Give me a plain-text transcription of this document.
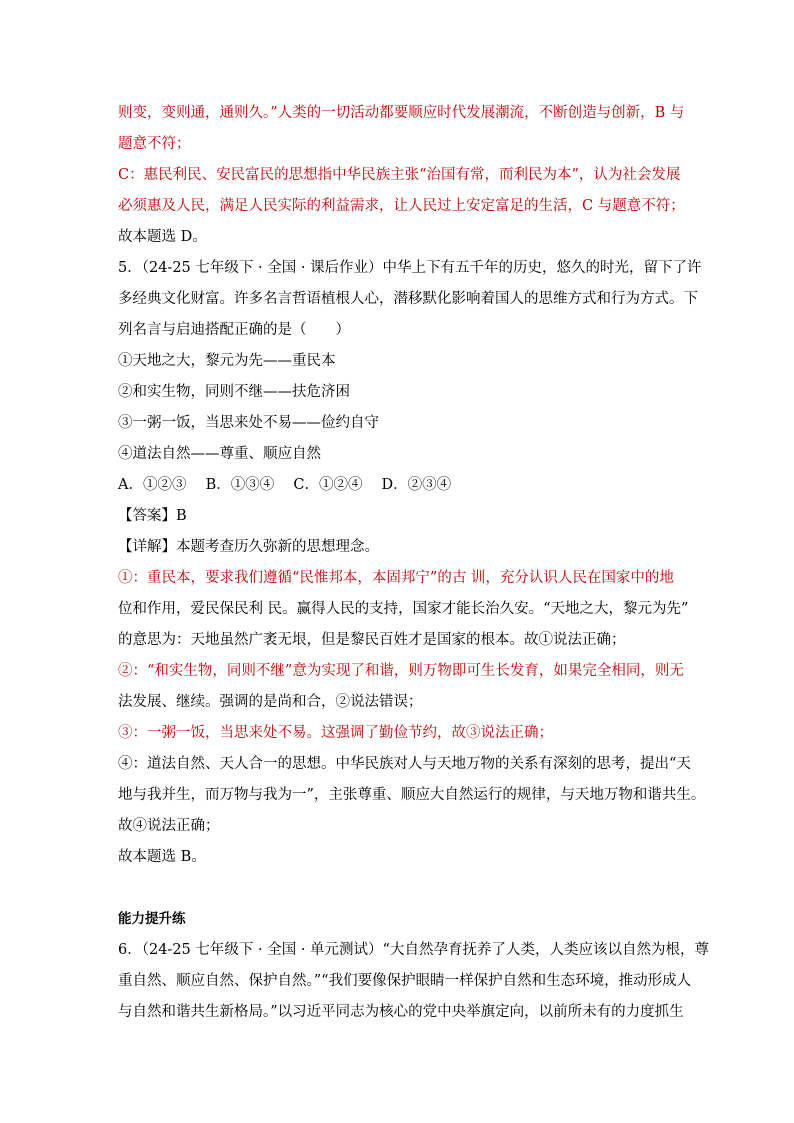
则变，变则通，通则久。”人类的一切活动都要顺应时代发展潮流，不断创造与创新，B 与
题意不符；
C：惠民利民、安民富民的思想指中华民族主张“治国有常，而利民为本”，认为社会发展
必须惠及人民，满足人民实际的利益需求，让人民过上安定富足的生活，C 与题意不符；
故本题选 D。
5．（24-25 七年级下 · 全国 · 课后作业）中华上下有五千年的历史，悠久的时光，留下了许
多经典文化财富。许多名言哲语植根人心，潜移默化影响着国人的思维方式和行为方式。下
列名言与启迪搭配正确的是（　　）
①天地之大，黎元为先——重民本
②和实生物，同则不继——扶危济困
③一粥一饭，当思来处不易——俭约自守
④道法自然——尊重、顺应自然
A．①②③　 B．①③④　 C．①②④　 D．②③④
【答案】B
【详解】本题考查历久弥新的思想理念。
①：重民本，要求我们遵循“民惟邦本，本固邦宁”的古 训，充分认识人民在国家中的地
位和作用，爱民保民利 民。赢得人民的支持，国家才能长治久安。“天地之大，黎元为先”
的意思为：天地虽然广袤无垠，但是黎民百姓才是国家的根本。故①说法正确；
②：“和实生物，同则不继”意为实现了和谐，则万物即可生长发育，如果完全相同，则无
法发展、继续。强调的是尚和合，②说法错误；
③：一粥一饭，当思来处不易。这强调了勤俭节约，故③说法正确；
④：道法自然、天人合一的思想。中华民族对人与天地万物的关系有深刻的思考，提出“天
地与我并生，而万物与我为一”，主张尊重、顺应大自然运行的规律，与天地万物和谐共生。
故④说法正确；
故本题选 B。
能力提升练
6．（24-25 七年级下 · 全国 · 单元测试）“大自然孕育抚养了人类，人类应该以自然为根，尊
重自然、顺应自然、保护自然。”“我们要像保护眼睛一样保护自然和生态环境，推动形成人
与自然和谐共生新格局。”以习近平同志为核心的党中央举旗定向，以前所未有的力度抓生
